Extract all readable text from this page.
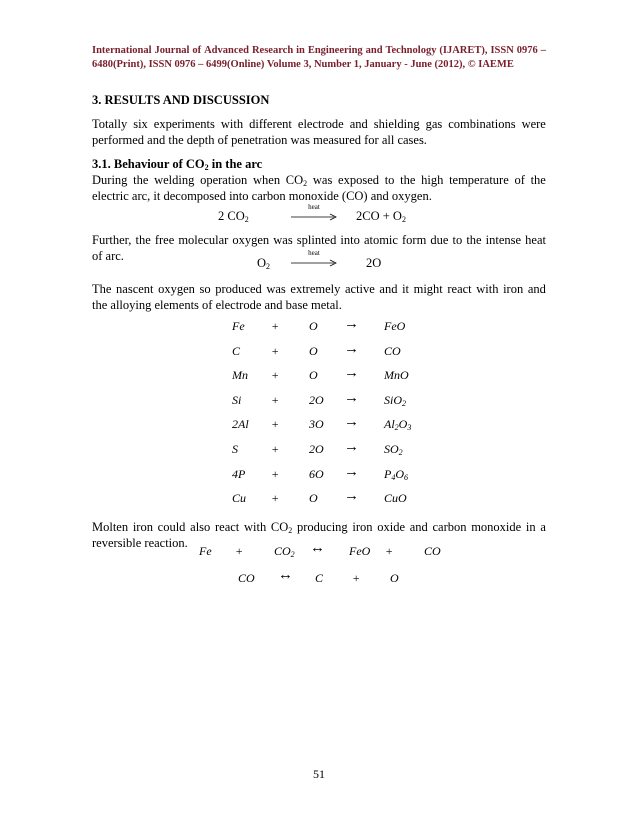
International Journal of Advanced Research in Engineering and Technology (IJARET), ISSN 0976 –
6480(Print), ISSN 0976 – 6499(Online) Volume 3, Number 1, January - June (2012), © IAEME
3. RESULTS AND DISCUSSION
Totally six experiments with different electrode and shielding gas combinations were
performed and the depth of penetration was measured for all cases.
3.1. Behaviour of $CO_2$ in the arc
During the welding operation when $CO_2$ was exposed to the high temperature of the
electric arc, it decomposed into carbon monoxide (CO) and oxygen.
2 $CO_2$
heat
$2CO + O_2$
Further, the free molecular oxygen was splinted into atomic form due to the intense heat
of arc.	$O_2$
heat
2O
The nascent oxygen so produced was extremely active and it might react with iron and
the alloying elements of electrode and base metal.
Fe + O → FeO
C	+ O → CO
Mn + O → MnO
Si + 2O → SiO$_2$
$2Al + 3O \to Al_2O_3$
S	+ $2O \to SO_2$
$4P + 6O \to P_4O_6$
Cu + O → CuO
Molten iron could also react with $CO_2$ producing iron oxide and carbon monoxide in a
reversible reaction.
Fe +	$CO_2$ ↔ FeO +	CO
CO ↔ C + O
51
